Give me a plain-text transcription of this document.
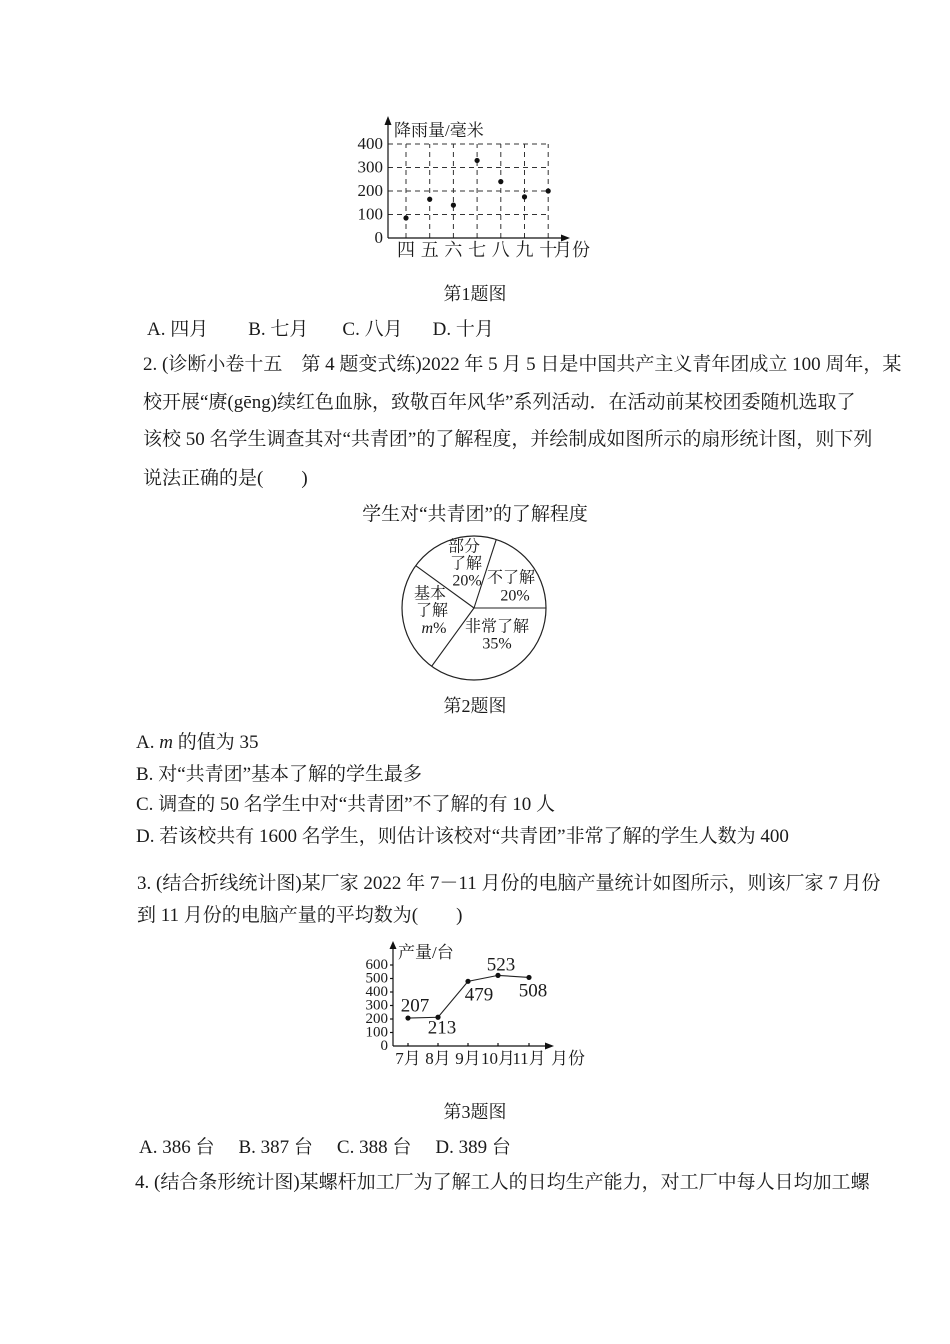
0
100
200
300
400
降雨量/毫米
四 五 六 七 八 九 十
月份
第1题图
A. 四月 B. 七月 C. 八月 D. 十月
2. (诊断小卷十五　第 4 题变式练)2022 年 5 月 5 日是中国共产主义青年团成立 100 周年，某
校开展“赓(gēng)续红色血脉，致敬百年风华”系列活动．在活动前某校团委随机选取了
该校 50 名学生调查其对“共青团”的了解程度，并绘制成如图所示的扇形统计图，则下列
说法正确的是(　　)
学生对“共青团”的了解程度
不了解
20%
非常了解
35%
基本
了解
m%
部分
了解
20%
第2题图
A. m 的值为 35
B. 对“共青团”基本了解的学生最多
C. 调查的 50 名学生中对“共青团”不了解的有 10 人
D. 若该校共有 1600 名学生，则估计该校对“共青团”非常了解的学生人数为 400
3. (结合折线统计图)某厂家 2022 年 7－11 月份的电脑产量统计如图所示，则该厂家 7 月份
到 11 月份的电脑产量的平均数为(　　)
0
100
200
300
400
500
600
产量/台
7月 8月 9月 10月
11月 月份
207
213
479
523
508
第3题图
A. 386 台 B. 387 台 C. 388 台 D. 389 台
4. (结合条形统计图)某螺杆加工厂为了解工人的日均生产能力，对工厂中每人日均加工螺
